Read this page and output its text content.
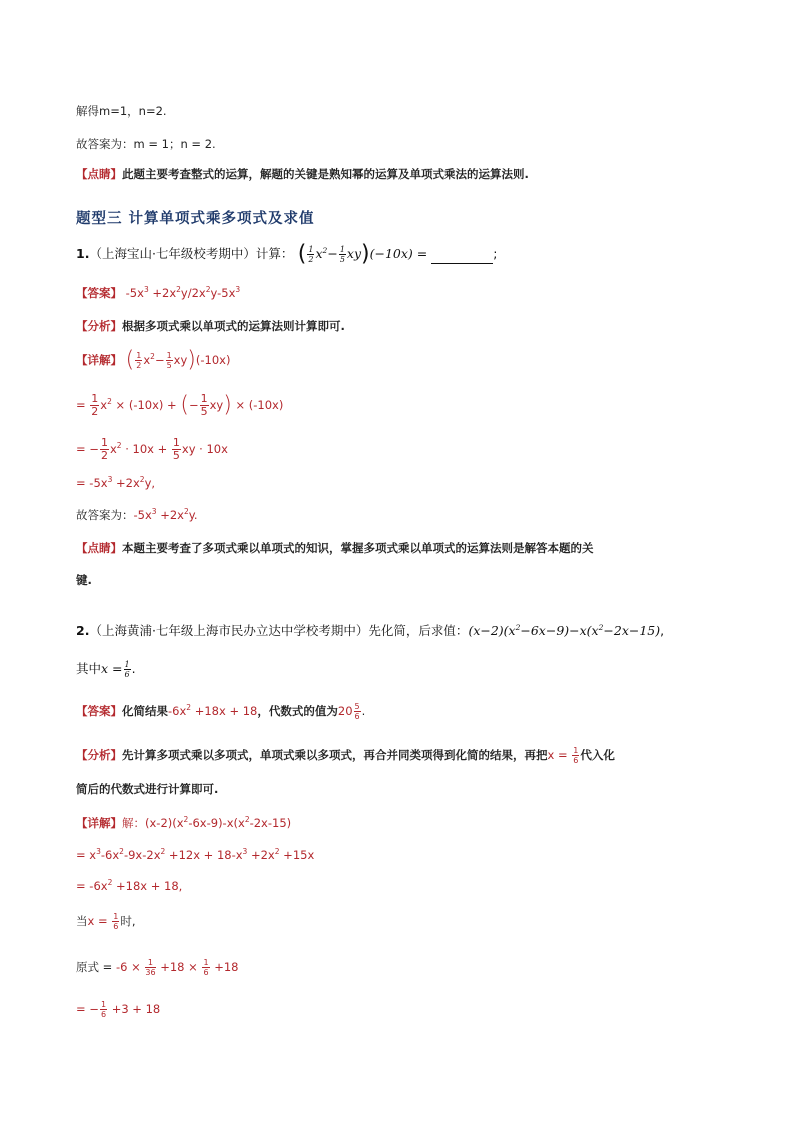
解得m=1，n=2.
故答案为：m = 1；n = 2.
【点睛】此题主要考查整式的运算，解题的关键是熟知幂的运算及单项式乘法的运算法则.
题型三 计算单项式乘多项式及求值
1.（上海宝山·七年级校考期中）计算： ( $\frac{1}{2} x^2- \frac{1}{5} xy)(-10x)$ =	;
【答案】 $-5x^3 +2x^2y/2x^2y-5x^3$
【分析】根据多项式乘以单项式的运算法则计算即可.
【详解】 ( $\frac{1}{2} x^2- \frac{1}{5} xy)(-10x)$
= $\frac{1}{2} x^2 \times (-10x)$ + (− $\frac{1}{5} xy) \times (-10x)$
= − $\frac{1}{2} x^2 \cdot 10x + \frac{1}{5}$ xy · 10x
= $-5x^3 +2x^2y$,
故答案为：$-5x^3 +2x^2y$.
【点睛】本题主要考查了多项式乘以单项式的知识，掌握多项式乘以单项式的运算法则是解答本题的关
键.
2.（上海黄浦·七年级上海市民办立达中学校考期中）先化简，后求值：$(x-2)(x^2-6x-9)-x(x^2-2x-15)$,
其中$x = \frac{1}{6}$ .
【答案】化简结果$-6x^2 +18x + 18$，代数式的值为$20 \frac{5}{6}$ .
【分析】先计算多项式乘以多项式，单项式乘以多项式，再合并同类项得到化简的结果，再把$x = \frac{1}{6}$ 代入化
简后的代数式进行计算即可.
【详解】解：$(x-2)(x^2-6x-9)-x(x^2-2x-15)$
= $x^3-6x^2-9x-2x^2 +12x + 18-x^3 +2x^2 +15x$
= $-6x^2 +18x + 18$,
当$x = \frac{1}{6}$ 时,
原式 = $-6 \times \frac{1}{36} +18 \times \frac{1}{6} +18$
= − $\frac{1}{6} +3 + 18$
